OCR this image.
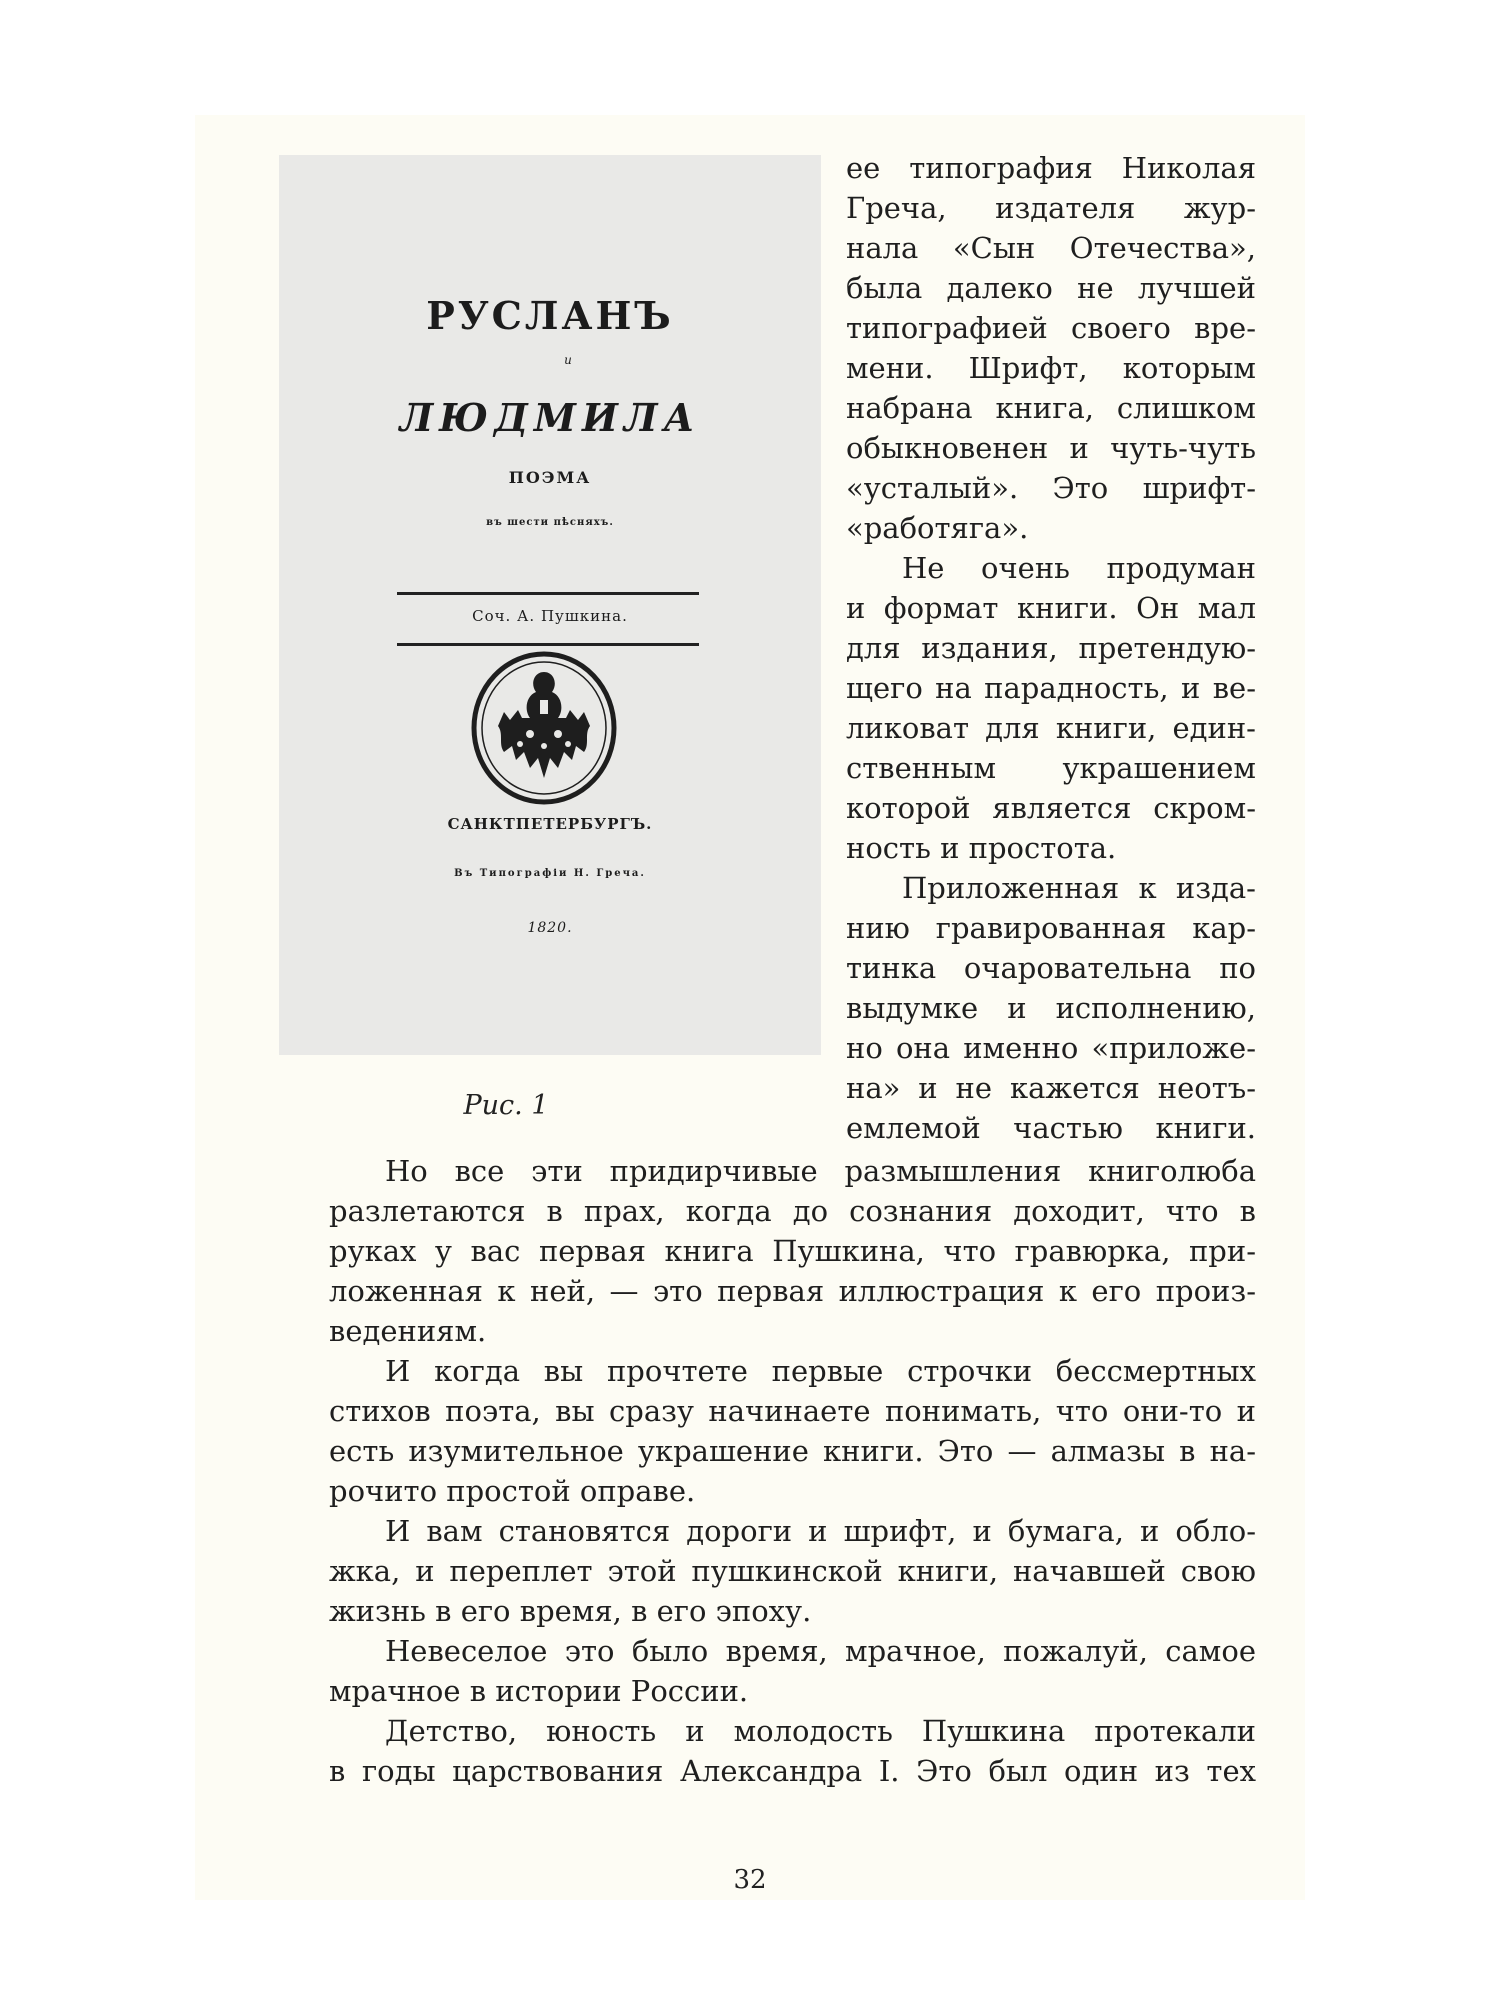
РУСЛАНЪ
и
ЛЮДМИЛА
ПОЭМА
въ шести пѣсняхъ.
Соч. А. Пушкина.
САНКТПЕТЕРБУРГЪ.
Въ Типографіи Н. Греча.
1820.
Рис. 1
ее типография Николая
Греча, издателя жур-
нала «Сын Отечества»,
была далеко не лучшей
типографией своего вре-
мени. Шрифт, которым
набрана книга, слишком
обыкновенен и чуть-чуть
«усталый». Это шрифт-
«работяга».
Не очень продуман
и формат книги. Он мал
для издания, претендую-
щего на парадность, и ве-
ликоват для книги, един-
ственным украшением
которой является скром-
ность и простота.
Приложенная к изда-
нию гравированная кар-
тинка очаровательна по
выдумке и исполнению,
но она именно «приложе-
на» и не кажется неотъ-
емлемой частью книги.
Но все эти придирчивые размышления книголюба
разлетаются в прах, когда до сознания доходит, что в
руках у вас первая книга Пушкина, что гравюрка, при-
ложенная к ней, — это первая иллюстрация к его произ-
ведениям.
И когда вы прочтете первые строчки бессмертных
стихов поэта, вы сразу начинаете понимать, что они-то и
есть изумительное украшение книги. Это — алмазы в на-
рочито простой оправе.
И вам становятся дороги и шрифт, и бумага, и обло-
жка, и переплет этой пушкинской книги, начавшей свою
жизнь в его время, в его эпоху.
Невеселое это было время, мрачное, пожалуй, самое
мрачное в истории России.
Детство, юность и молодость Пушкина протекали
в годы царствования Александра I. Это был один из тех
32
